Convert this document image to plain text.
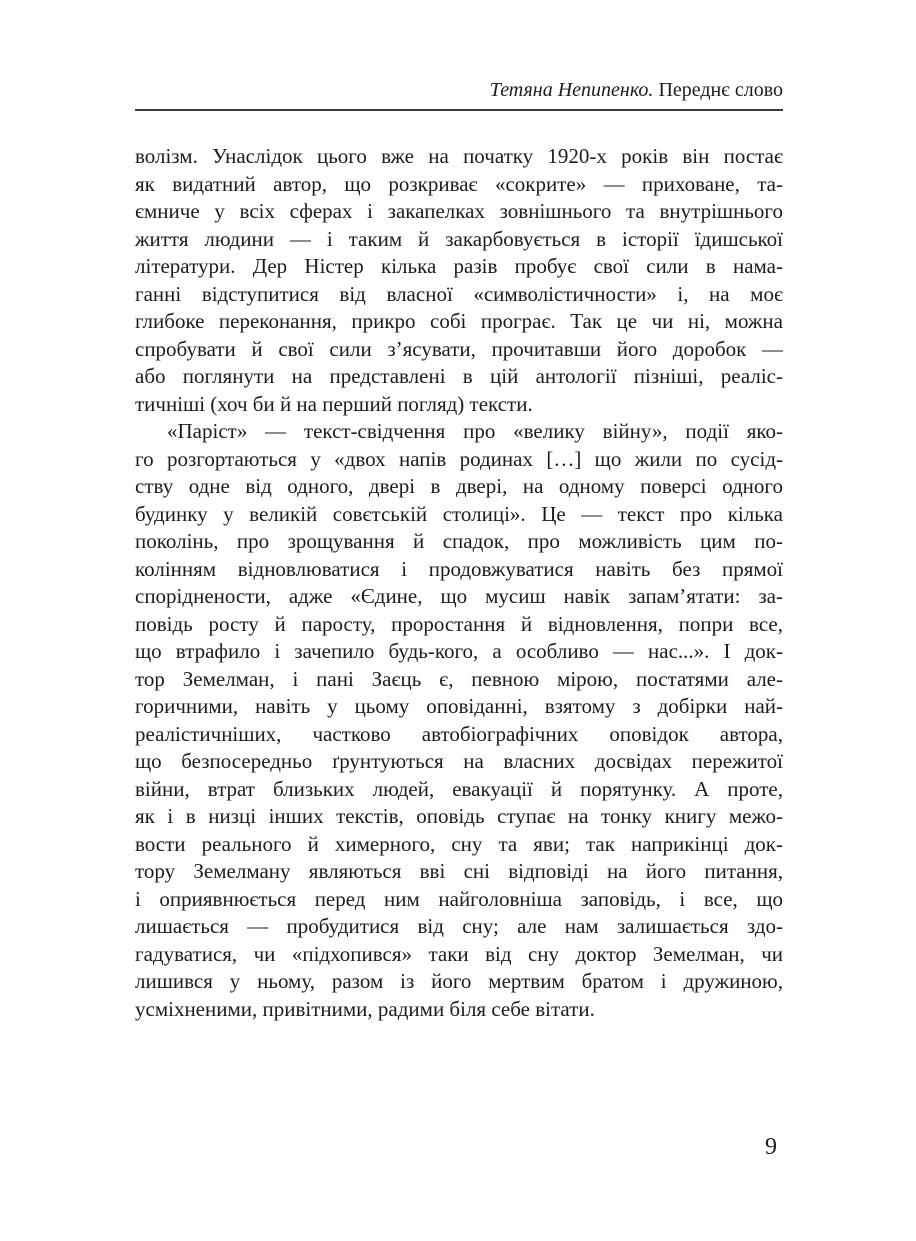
Тетяна Непипенко. Переднє слово
волізм. Унаслідок цього вже на початку 1920-х років він постає
як видатний автор, що розкриває «сокрите» — приховане, та-
ємниче у всіх сферах і закапелках зовнішнього та внутрішнього
життя людини — і таким й закарбовується в історії їдишської
літератури. Дер Ністер кілька разів пробує свої сили в нама-
ганні відступитися від власної «символістичности» і, на моє
глибоке переконання, прикро собі програє. Так це чи ні, можна
спробувати й свої сили з’ясувати, прочитавши його доробок —
або поглянути на представлені в цій антології пізніші, реаліс-
тичніші (хоч би й на перший погляд) тексти.
«Паріст» — текст-свідчення про «велику війну», події яко-
го розгортаються у «двох напів родинах […] що жили по сусід-
ству одне від одного, двері в двері, на одному поверсі одного
будинку у великій совєтській столиці». Це — текст про кілька
поколінь, про зрощування й спадок, про можливість цим по-
колінням відновлюватися і продовжуватися навіть без прямої
споріднености, адже «Єдине, що мусиш навік запам’ятати: за-
повідь росту й паросту, проростання й відновлення, попри все,
що втрафило і зачепило будь-кого, а особливо — нас...». І док-
тор Земелман, і пані Заєць є, певною мірою, постатями але-
горичними, навіть у цьому оповіданні, взятому з добірки най-
реалістичніших, частково автобіографічних оповідок автора,
що безпосередньо ґрунтуються на власних досвідах пережитої
війни, втрат близьких людей, евакуації й порятунку. А проте,
як і в низці інших текстів, оповідь ступає на тонку книгу межо-
вости реального й химерного, сну та яви; так наприкінці док-
тору Земелману являються вві сні відповіді на його питання,
і оприявнюється перед ним найголовніша заповідь, і все, що
лишається — пробудитися від сну; але нам залишається здо-
гадуватися, чи «підхопився» таки від сну доктор Земелман, чи
лишився у ньому, разом із його мертвим братом і дружиною,
усміхненими, привітними, радими біля себе вітати.
9
